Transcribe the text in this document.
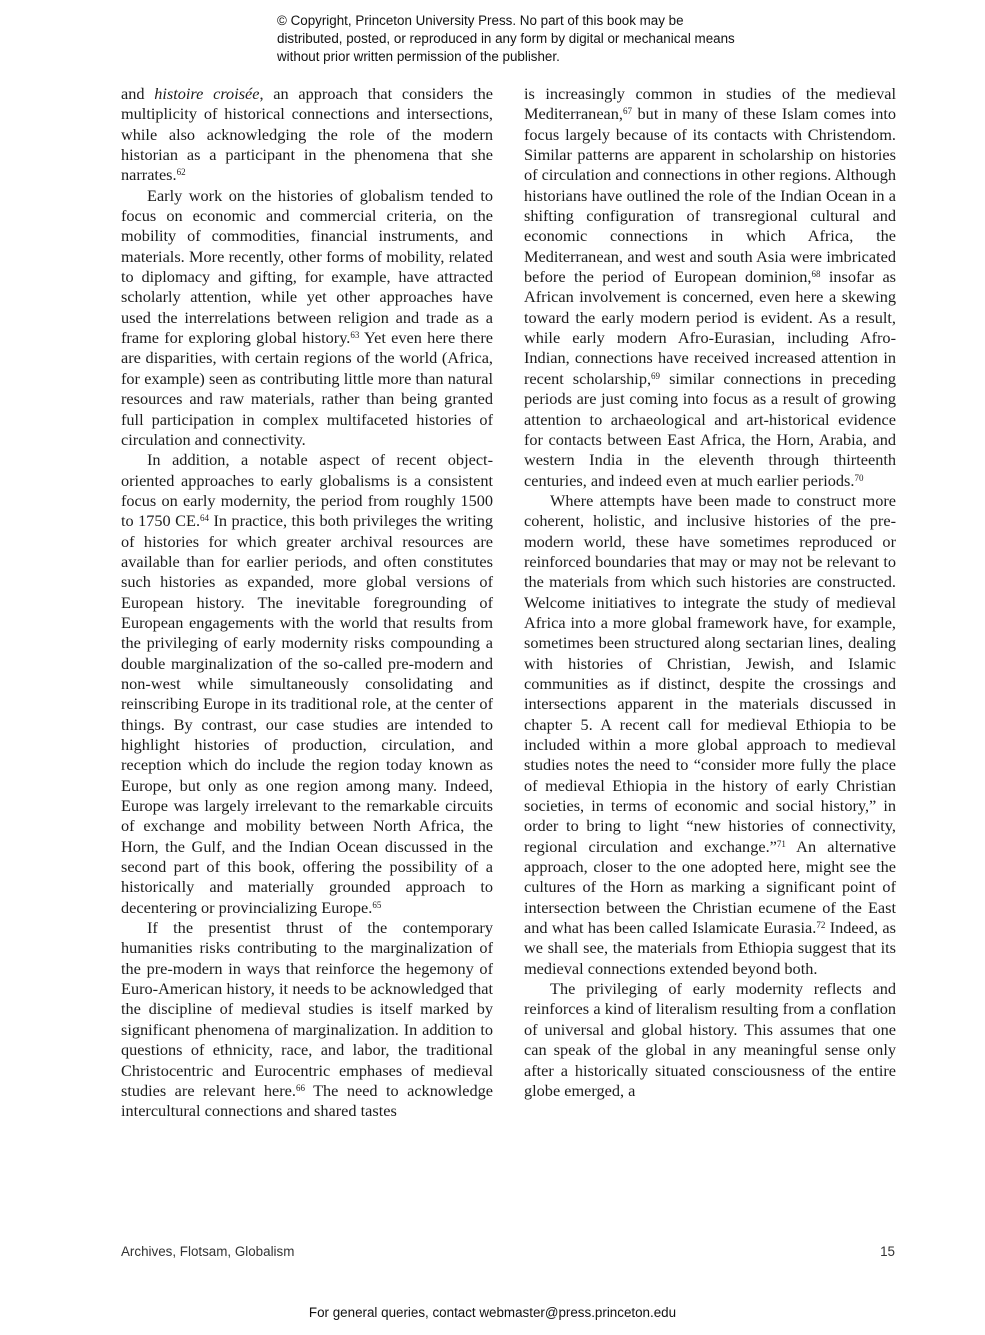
© Copyright, Princeton University Press. No part of this book may be distributed, posted, or reproduced in any form by digital or mechanical means without prior written permission of the publisher.

and histoire croisée, an approach that considers the multiplicity of historical connections and intersections, while also acknowledging the role of the modern historian as a participant in the phenomena that she narrates.$^{62}$

Early work on the histories of globalism tended to focus on economic and commercial criteria, on the mobility of commodities, financial instruments, and materials. More recently, other forms of mobility, related to diplomacy and gifting, for example, have attracted scholarly attention, while yet other approaches have used the interrelations between religion and trade as a frame for exploring global history.$^{63}$ Yet even here there are disparities, with certain regions of the world (Africa, for example) seen as contributing little more than natural resources and raw materials, rather than being granted full participation in complex multifaceted histories of circulation and connectivity.

In addition, a notable aspect of recent object-oriented approaches to early globalisms is a consistent focus on early modernity, the period from roughly 1500 to 1750 CE.$^{64}$ In practice, this both privileges the writing of histories for which greater archival resources are available than for earlier periods, and often constitutes such histories as expanded, more global versions of European history. The inevitable foregrounding of European engagements with the world that results from the privileging of early modernity risks compounding a double marginalization of the so-called pre-modern and non-west while simultaneously consolidating and reinscribing Europe in its traditional role, at the center of things. By contrast, our case studies are intended to highlight histories of production, circulation, and reception which do include the region today known as Europe, but only as one region among many. Indeed, Europe was largely irrelevant to the remarkable circuits of exchange and mobility between North Africa, the Horn, the Gulf, and the Indian Ocean discussed in the second part of this book, offering the possibility of a historically and materially grounded approach to decentering or provincializing Europe.$^{65}$

If the presentist thrust of the contemporary humanities risks contributing to the marginalization of the pre-modern in ways that reinforce the hegemony of Euro-American history, it needs to be acknowledged that the discipline of medieval studies is itself marked by significant phenomena of marginalization. In addition to questions of ethnicity, race, and labor, the traditional Christocentric and Eurocentric emphases of medieval studies are relevant here.$^{66}$ The need to acknowledge intercultural connections and shared tastes

is increasingly common in studies of the medieval Mediterranean,$^{67}$ but in many of these Islam comes into focus largely because of its contacts with Christendom. Similar patterns are apparent in scholarship on histories of circulation and connections in other regions. Although historians have outlined the role of the Indian Ocean in a shifting configuration of transregional cultural and economic connections in which Africa, the Mediterranean, and west and south Asia were imbricated before the period of European dominion,$^{68}$ insofar as African involvement is concerned, even here a skewing toward the early modern period is evident. As a result, while early modern Afro-Eurasian, including Afro-Indian, connections have received increased attention in recent scholarship,$^{69}$ similar connections in preceding periods are just coming into focus as a result of growing attention to archaeological and art-historical evidence for contacts between East Africa, the Horn, Arabia, and western India in the eleventh through thirteenth centuries, and indeed even at much earlier periods.$^{70}$

Where attempts have been made to construct more coherent, holistic, and inclusive histories of the pre-modern world, these have sometimes reproduced or reinforced boundaries that may or may not be relevant to the materials from which such histories are constructed. Welcome initiatives to integrate the study of medieval Africa into a more global framework have, for example, sometimes been structured along sectarian lines, dealing with histories of Christian, Jewish, and Islamic communities as if distinct, despite the crossings and intersections apparent in the materials discussed in chapter 5. A recent call for medieval Ethiopia to be included within a more global approach to medieval studies notes the need to “consider more fully the place of medieval Ethiopia in the history of early Christian societies, in terms of economic and social history,” in order to bring to light “new histories of connectivity, regional circulation and exchange.”$^{71}$ An alternative approach, closer to the one adopted here, might see the cultures of the Horn as marking a significant point of intersection between the Christian ecumene of the East and what has been called Islamicate Eurasia.$^{72}$ Indeed, as we shall see, the materials from Ethiopia suggest that its medieval connections extended beyond both.

The privileging of early modernity reflects and reinforces a kind of literalism resulting from a conflation of universal and global history. This assumes that one can speak of the global in any meaningful sense only after a historically situated consciousness of the entire globe emerged, a

Archives, Flotsam, Globalism	15
For general queries, contact webmaster@press.princeton.edu
